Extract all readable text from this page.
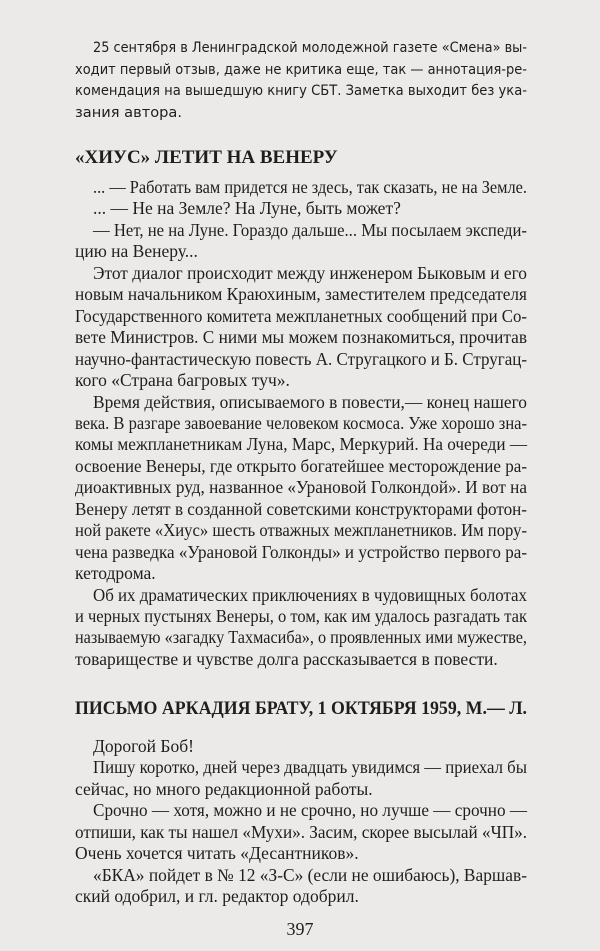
«ХИУС» ЛЕТИТ НА ВЕНЕРУ
ПИСЬМО АРКАДИЯ БРАТУ, 1 ОКТЯБРЯ 1959, М.— Л.
397
25 сентября в Ленинградской молодежной газете «Смена» вы-
ходит первый отзыв, даже не критика еще, так — аннотация-ре-
комендация на вышедшую книгу СБТ. Заметка выходит без ука-
зания автора.
... — Работать вам придется не здесь, так сказать, не на Земле.
... — Не на Земле? На Луне, быть может?
— Нет, не на Луне. Гораздо дальше... Мы посылаем экспеди-
цию на Венеру...
Этот диалог происходит между инженером Быковым и его
новым начальником Краюхиным, заместителем председателя
Государственного комитета межпланетных сообщений при Со-
вете Министров. С ними мы можем познакомиться, прочитав
научно-фантастическую повесть А. Стругацкого и Б. Стругац-
кого «Страна багровых туч».
Время действия, описываемого в повести,— конец нашего
века. В разгаре завоевание человеком космоса. Уже хорошо зна-
комы межпланетникам Луна, Марс, Меркурий. На очереди —
освоение Венеры, где открыто богатейшее месторождение ра-
диоактивных руд, названное «Урановой Голкондой». И вот на
Венеру летят в созданной советскими конструкторами фотон-
ной ракете «Хиус» шесть отважных межпланетников. Им пору-
чена разведка «Урановой Голконды» и устройство первого ра-
кетодрома.
Об их драматических приключениях в чудовищных болотах
и черных пустынях Венеры, о том, как им удалось разгадать так
называемую «загадку Тахмасиба», о проявленных ими мужестве,
товариществе и чувстве долга рассказывается в повести.
Дорогой Боб!
Пишу коротко, дней через двадцать увидимся — приехал бы
сейчас, но много редакционной работы.
Срочно — хотя, можно и не срочно, но лучше — срочно —
отпиши, как ты нашел «Мухи». Засим, скорее высылай «ЧП».
Очень хочется читать «Десантников».
«БКА» пойдет в № 12 «З-С» (если не ошибаюсь), Варшав-
ский одобрил, и гл. редактор одобрил.
